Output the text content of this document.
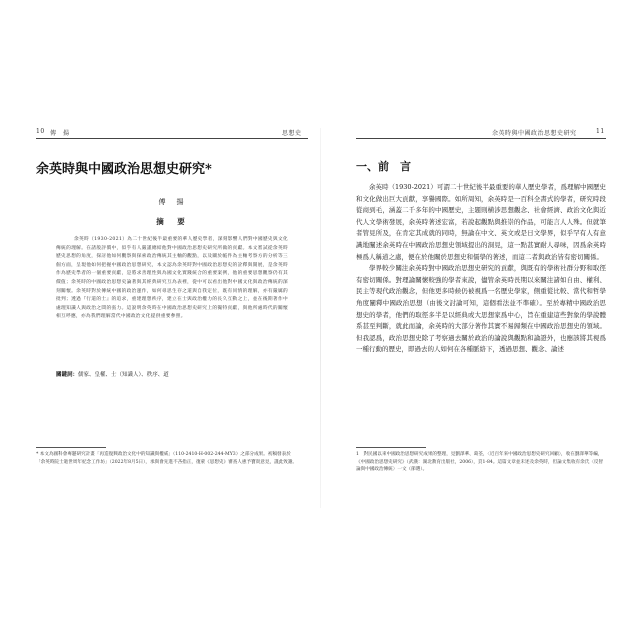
10 傳　揚	思想史
余英時與中國政治思想史研究*
傅　揚
摘　要

余英時（1930-2021）為二十世紀後半最重要的華人歷史學者，深刻影響人們對中國歷史與文化傳統的理解。在諸般評價中，似乎有人嚴謹總結他對中國政治思想史研究所做的貢獻。本文嘗試從余英時歷史思想的角度，探討他如何觀察與探索政治傳統其主軸的觀點，以及關於帳件為主軸考察方的分析等三個方面，呈現他如何把握中國政治思想研究，本文認為余英時對中國政治思想史的詮釋與開展，是余英時作為歷史學者的一個重要貢獻，是將求善理性與為國文化實踐統合的重要案例，他的重要思想觀察仍有其價值；余英時的中國政治思想史論著與其經典研究互為表裡，從中可以看出他對中國文化與政治傳統的深刻關懷。余英時對於傳統中國的政治運作，如何尋思生存之道與自我定位，既有同情的理解，亦有嚴厲的批判；透過『行道的士』的追求，重建理想秩序，建立在士與政治權力的長久互動之上，並在後期著作中處理知識人與政治之間的張力。這說明余英時在中國政治思想史研究上的獨特貢獻，與他所處時代的關懷相互呼應，亦為我們理解當代中國政治文化提供重要參照。

關鍵詞：儒家、皇權、士（知識人）、秩序、道

* 本文為國科會專題研究計畫「再造復興政治文化中的知識與權威」（110-2410-H-002-244-MY3）之部分成果。初稿發表於「余英時院士逝世周年紀念工作坊」（2022年8月5日），承與會先進不吝指正，復蒙《思想史》審查人惠予寶貴意見，謹此致謝。

余英時與中國政治思想史研究	11
一、前　言

余英時（1930-2021）可謂二十世紀後半最重要的華人歷史學者，爲理解中國歷史和文化做出巨大貢獻，享譽國際。如所周知，余英時是一百科全書式的學者，研究時段從商到毛，涵蓋二千多年的中國歷史，主題則横涉思想觀念、社會經濟、政治文化與近代人文學術發展，余英時著述宏富，若說起觀點與推崇的作品，可能言人人殊。但就筆者管見所及，在肯定其成就的同時，無論在中文、英文或是日文學界，似乎罕有人有意識地闡述余英時在中國政治思想史領域提出的洞見，這一點甚實耐人尋味，因爲余英時極爲人稱道之處，便在於他關於思想史和儒學的著述，而這二者與政治皆有密切關係。

學界較少關注余英時對中國政治思想史研究的貢獻，與既有的學術社群分野和取徑有密切關係。對理論關懷較強的學者來說，儘管余英時長期以來關注諸如自由、權利、民主等現代政治觀念，但他更多時候仍被視爲一名歷史學家，側重從比較、當代和哲學角度闡釋中國政治思想（由後文討論可知，這個看法並不準確）。至於專精中國政治思想史的學者，他們的取徑多半是以經典或大思想家爲中心，旨在重建這些對象的學說體系甚至判斷，就此而論，余英時的大部分著作其實不易歸類在中國政治思想史的領域。但我認爲，政治思想史除了考察過去關於政治的論說與觀點和論證外，也應該將其視爲一種行動的歷史，即過去的人如何在各種脈絡下，透過思想、觀念、論述

1　對民國以來中國政治思想研究成果的整理，見劉澤華、葛荃，〈近百年來中國政治思想史研究回顧〉，收在劉澤華等編，《中國政治思想史研究》（武漢：湖北教育出版社，2006），頁1-84。這篇文章並未述及余英時，但論文集收有余氏〈反智論與中國政治傳統〉一文（節選）。
